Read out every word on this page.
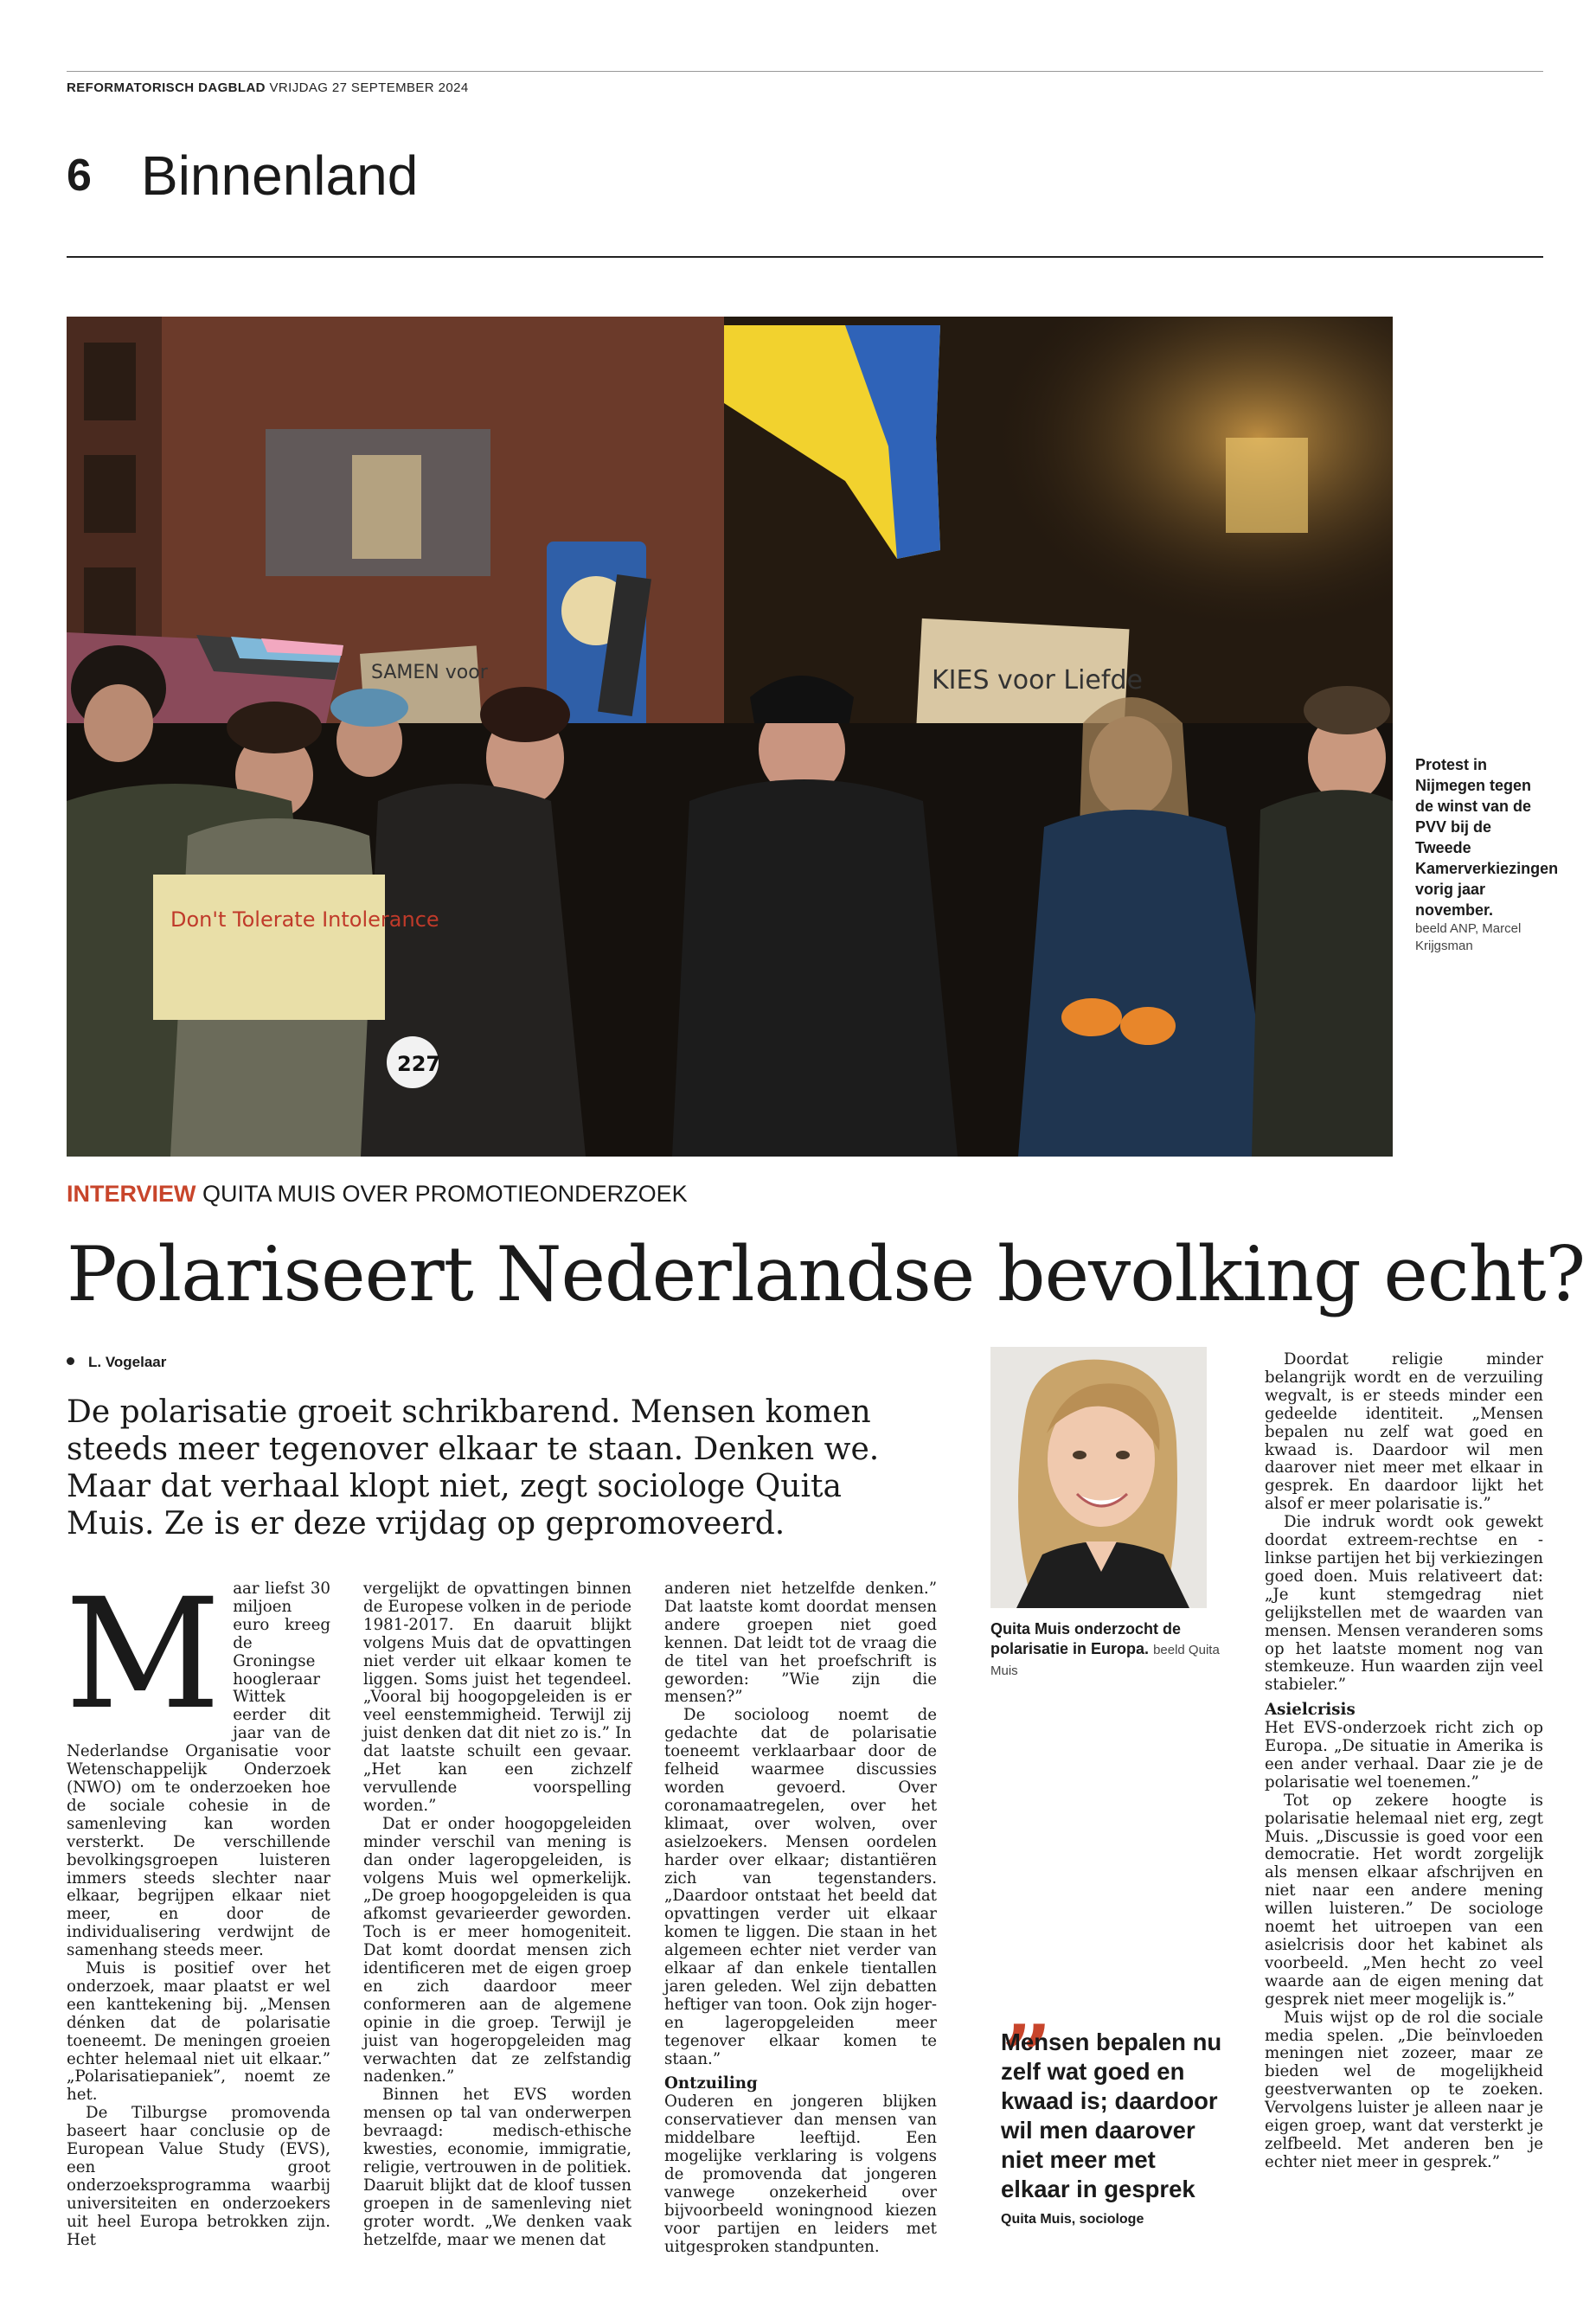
REFORMATORISCH DAGBLAD VRIJDAG 27 SEPTEMBER 2024
6 Binnenland
SAMEN voor	KIES voor Liefde
Don't Tolerate Intolerance
227
Protest in Nijmegen tegen de winst van de PVV bij de Tweede Kamerverkiezingen vorig jaar november.
beeld ANP, Marcel Krijgsman
INTERVIEW QUITA MUIS OVER PROMOTIEONDERZOEK
Polariseert Nederlandse bevolking echt?
L. Vogelaar

De polarisatie groeit schrikbarend. Mensen komen steeds meer tegenover elkaar te staan. Denken we. Maar dat verhaal klopt niet, zegt sociologe Quita Muis. Ze is er deze vrijdag op gepromoveerd.

M aar liefst 30 miljoen euro kreeg de Groningse hoogleraar Wittek eerder dit jaar van de Nederlandse Organisatie voor Wetenschappelijk Onderzoek (NWO) om te onderzoeken hoe de sociale cohesie in de samenleving kan worden versterkt. De verschillende bevolkingsgroepen luisteren immers steeds slechter naar elkaar, begrijpen elkaar niet meer, en door de individualisering verdwijnt de samenhang steeds meer.

Muis is positief over het onderzoek, maar plaatst er wel een kanttekening bij. „Mensen dénken dat de polarisatie toeneemt. De meningen groeien echter helemaal niet uit elkaar.” „Polarisatiepaniek”, noemt ze het.

De Tilburgse promovenda baseert haar conclusie op de European Value Study (EVS), een groot onderzoeksprogramma waarbij universiteiten en onderzoekers uit heel Europa betrokken zijn. Het

vergelijkt de opvattingen binnen de Europese volken in de periode 1981-2017. En daaruit blijkt volgens Muis dat de opvattingen niet verder uit elkaar komen te liggen. Soms juist het tegendeel. „Vooral bij hoogopgeleiden is er veel eenstemmigheid. Terwijl zij juist denken dat dit niet zo is.” In dat laatste schuilt een gevaar. „Het kan een zichzelf vervullende voorspelling worden.”

Dat er onder hoogopgeleiden minder verschil van mening is dan onder lageropgeleiden, is volgens Muis wel opmerkelijk. „De groep hoogopgeleiden is qua afkomst gevarieerder geworden. Toch is er meer homogeniteit. Dat komt doordat mensen zich identificeren met de eigen groep en zich daardoor meer conformeren aan de algemene opinie in die groep. Terwijl je juist van hogeropgeleiden mag verwachten dat ze zelfstandig nadenken.”

Binnen het EVS worden mensen op tal van onderwerpen bevraagd: medisch-ethische kwesties, economie, immigratie, religie, vertrouwen in de politiek. Daaruit blijkt dat de kloof tussen groepen in de samenleving niet groter wordt. „We denken vaak hetzelfde, maar we menen dat

anderen niet hetzelfde denken.” Dat laatste komt doordat mensen andere groepen niet goed kennen. Dat leidt tot de vraag die de titel van het proefschrift is geworden: ”Wie zijn die mensen?”

De socioloog noemt de gedachte dat de polarisatie toeneemt verklaarbaar door de felheid waarmee discussies worden gevoerd. Over coronamaatregelen, over het klimaat, over wolven, over asielzoekers. Mensen oordelen harder over elkaar; distantiëren zich van tegenstanders. „Daardoor ontstaat het beeld dat opvattingen verder uit elkaar komen te liggen. Die staan in het algemeen echter niet verder van elkaar af dan enkele tientallen jaren geleden. Wel zijn debatten heftiger van toon. Ook zijn hoger- en lageropgeleiden meer tegenover elkaar komen te staan.”

Ontzuiling

Ouderen en jongeren blijken conservatiever dan mensen van middelbare leeftijd. Een mogelijke verklaring is volgens de promovenda dat jongeren vanwege onzekerheid over bijvoorbeeld woningnood kiezen voor partijen en leiders met uitgesproken standpunten.

Quita Muis onderzocht de polarisatie in Europa. beeld Quita Muis
„

Mensen bepalen nu zelf wat goed en kwaad is; daardoor wil men daarover niet meer met elkaar in gesprek

Quita Muis, sociologe

Doordat religie minder belangrijk wordt en de verzuiling wegvalt, is er steeds minder een gedeelde identiteit. „Mensen bepalen nu zelf wat goed en kwaad is. Daardoor wil men daarover niet meer met elkaar in gesprek. En daardoor lijkt het alsof er meer polarisatie is.”

Die indruk wordt ook gewekt doordat extreem-rechtse en -linkse partijen het bij verkiezingen goed doen. Muis relativeert dat: „Je kunt stemgedrag niet gelijkstellen met de waarden van mensen. Mensen veranderen soms op het laatste moment nog van stemkeuze. Hun waarden zijn veel stabieler.”

Asielcrisis

Het EVS-onderzoek richt zich op Europa. „De situatie in Amerika is een ander verhaal. Daar zie je de polarisatie wel toenemen.”

Tot op zekere hoogte is polarisatie helemaal niet erg, zegt Muis. „Discussie is goed voor een democratie. Het wordt zorgelijk als mensen elkaar afschrijven en niet naar een andere mening willen luisteren.” De sociologe noemt het uitroepen van een asielcrisis door het kabinet als voorbeeld. „Men hecht zo veel waarde aan de eigen mening dat gesprek niet meer mogelijk is.”

Muis wijst op de rol die sociale media spelen. „Die beïnvloeden meningen niet zozeer, maar ze bieden wel de mogelijkheid geestverwanten op te zoeken. Vervolgens luister je alleen naar je eigen groep, want dat versterkt je zelfbeeld. Met anderen ben je echter niet meer in gesprek.”
